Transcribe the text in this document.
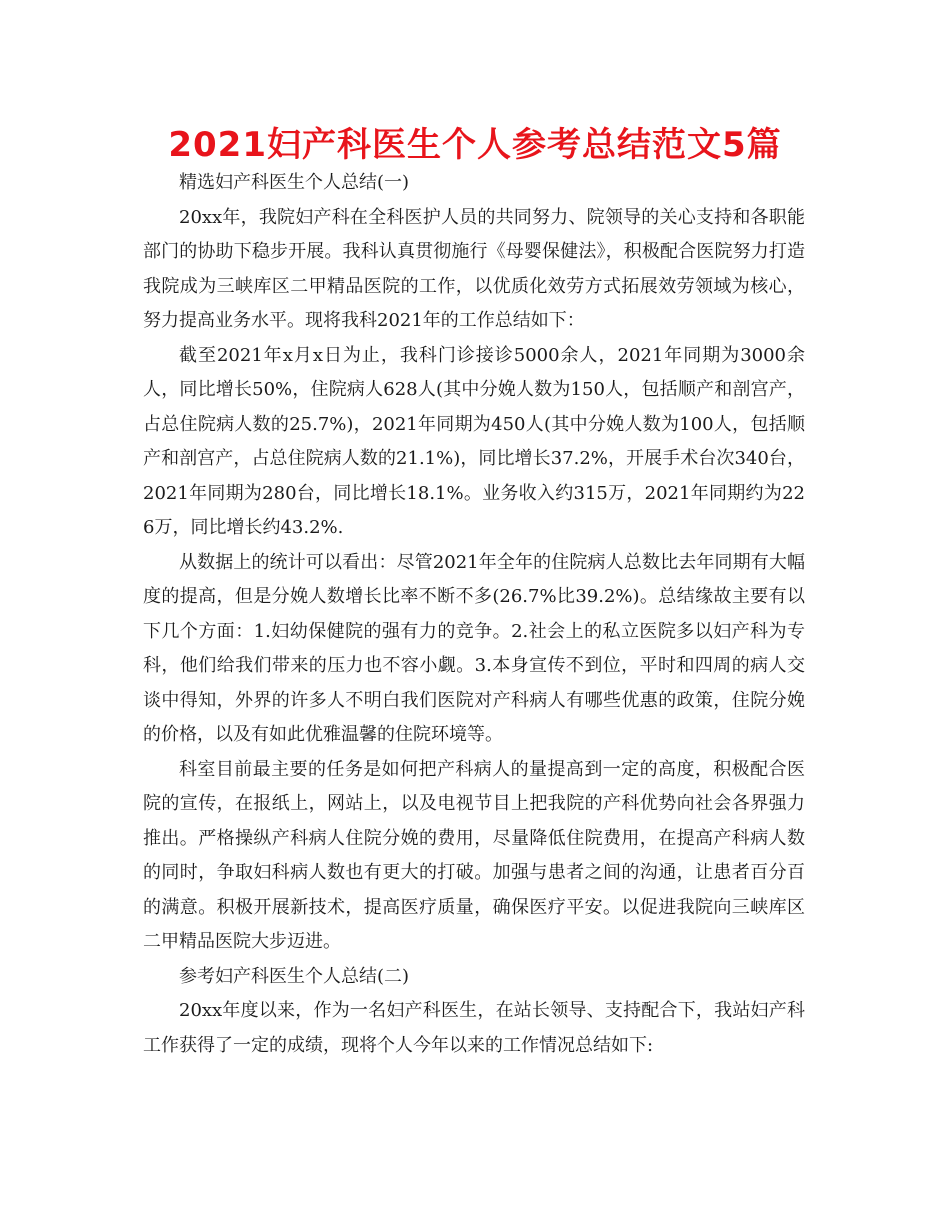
2021妇产科医生个人参考总结范文5篇

精选妇产科医生个人总结(一)

20xx年，我院妇产科在全科医护人员的共同努力、院领导的关心支持和各职能部门的协助下稳步开展。我科认真贯彻施行《母婴保健法》，积极配合医院努力打造我院成为三峡库区二甲精品医院的工作，以优质化效劳方式拓展效劳领域为核心，努力提高业务水平。现将我科2021年的工作总结如下：

截至2021年x月x日为止，我科门诊接诊5000余人，2021年同期为3000余人，同比增长50%，住院病人628人(其中分娩人数为150人，包括顺产和剖宫产，占总住院病人数的25.7%)，2021年同期为450人(其中分娩人数为100人，包括顺产和剖宫产，占总住院病人数的21.1%)，同比增长37.2%，开展手术台次340台，2021年同期为280台，同比增长18.1%。业务收入约315万，2021年同期约为226万，同比增长约43.2%.

从数据上的统计可以看出：尽管2021年全年的住院病人总数比去年同期有大幅度的提高，但是分娩人数增长比率不断不多(26.7%比39.2%)。总结缘故主要有以下几个方面：1.妇幼保健院的强有力的竞争。2.社会上的私立医院多以妇产科为专科，他们给我们带来的压力也不容小觑。3.本身宣传不到位，平时和四周的病人交谈中得知，外界的许多人不明白我们医院对产科病人有哪些优惠的政策，住院分娩的价格，以及有如此优雅温馨的住院环境等。

科室目前最主要的任务是如何把产科病人的量提高到一定的高度，积极配合医院的宣传，在报纸上，网站上，以及电视节目上把我院的产科优势向社会各界强力推出。严格操纵产科病人住院分娩的费用，尽量降低住院费用，在提高产科病人数的同时，争取妇科病人数也有更大的打破。加强与患者之间的沟通，让患者百分百的满意。积极开展新技术，提高医疗质量，确保医疗平安。以促进我院向三峡库区二甲精品医院大步迈进。

参考妇产科医生个人总结(二)

20xx年度以来，作为一名妇产科医生，在站长领导、支持配合下，我站妇产科工作获得了一定的成绩，现将个人今年以来的工作情况总结如下:
